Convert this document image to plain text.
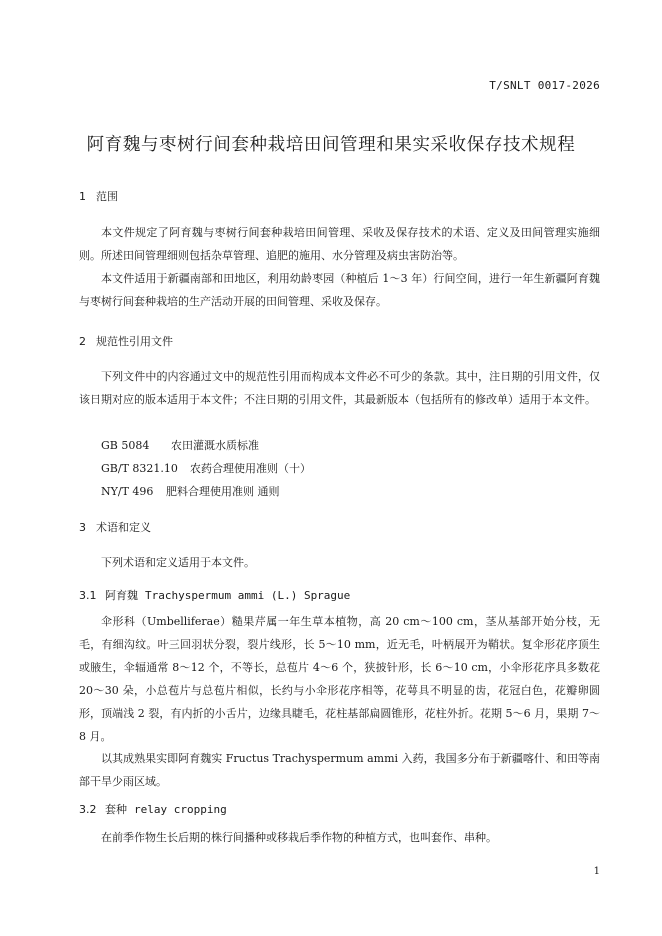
T/SNLT 0017-2026
阿育魏与枣树行间套种栽培田间管理和果实采收保存技术规程
1 范围
本文件规定了阿育魏与枣树行间套种栽培田间管理、采收及保存技术的术语、定义及田间管理实施细则。所述田间管理细则包括杂草管理、追肥的施用、水分管理及病虫害防治等。
本文件适用于新疆南部和田地区，利用幼龄枣园（种植后 1～3 年）行间空间，进行一年生新疆阿育魏与枣树行间套种栽培的生产活动开展的田间管理、采收及保存。
2 规范性引用文件
下列文件中的内容通过文中的规范性引用而构成本文件必不可少的条款。其中，注日期的引用文件，仅该日期对应的版本适用于本文件；不注日期的引用文件，其最新版本（包括所有的修改单）适用于本文件。
GB 5084 农田灌溉水质标准
GB/T 8321.10 农药合理使用准则（十）
NY/T 496 肥料合理使用准则 通则
3 术语和定义
下列术语和定义适用于本文件。
3.1 阿育魏 Trachyspermum ammi (L.) Sprague
伞形科（Umbelliferae）糙果芹属一年生草本植物，高 20 cm～100 cm，茎从基部开始分枝，无毛，有细沟纹。叶三回羽状分裂，裂片线形，长 5～10 mm，近无毛，叶柄展开为鞘状。复伞形花序顶生或腋生，伞辐通常 8～12 个，不等长，总苞片 4～6 个，狭披针形，长 6～10 cm，小伞形花序具多数花 20～30 朵，小总苞片与总苞片相似，长约与小伞形花序相等，花萼具不明显的齿，花冠白色，花瓣卵圆形，顶端浅 2 裂，有内折的小舌片，边缘具睫毛，花柱基部扁圆锥形，花柱外折。花期 5～6 月，果期 7～8 月。
以其成熟果实即阿育魏实 Fructus Trachyspermum ammi 入药，我国多分布于新疆喀什、和田等南部干旱少雨区域。
3.2 套种 relay cropping
在前季作物生长后期的株行间播种或移栽后季作物的种植方式，也叫套作、串种。
1
